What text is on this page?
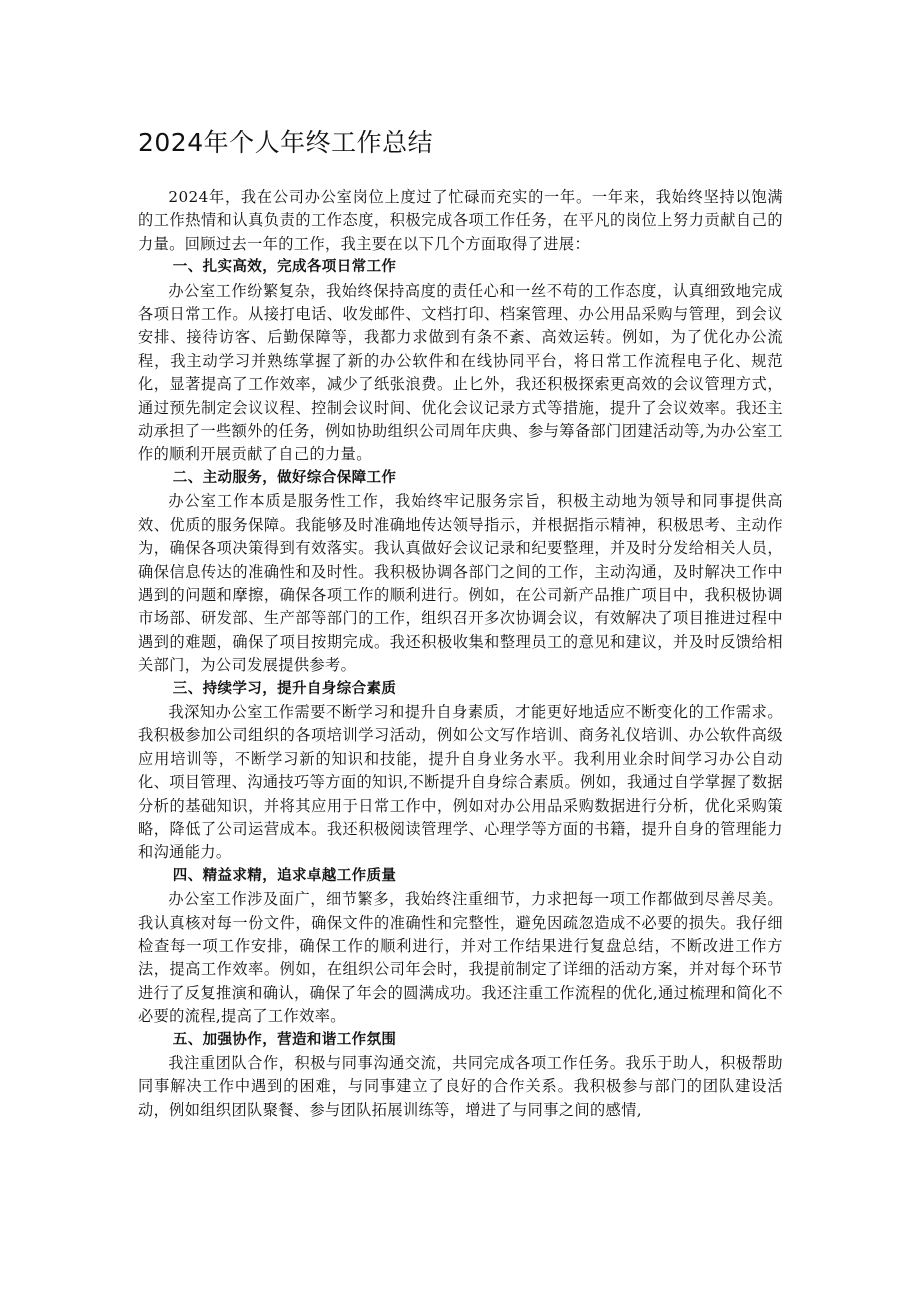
2024年个人年终工作总结

2024年，我在公司办公室岗位上度过了忙碌而充实的一年。一年来，我始终坚持以饱满的工作热情和认真负责的工作态度，积极完成各项工作任务，在平凡的岗位上努力贡献自己的力量。回顾过去一年的工作，我主要在以下几个方面取得了进展：

一、扎实高效，完成各项日常工作

办公室工作纷繁复杂，我始终保持高度的责任心和一丝不苟的工作态度，认真细致地完成各项日常工作。从接打电话、收发邮件、文档打印、档案管理、办公用品采购与管理，到会议安排、接待访客、后勤保障等，我都力求做到有条不紊、高效运转。例如，为了优化办公流程，我主动学习并熟练掌握了新的办公软件和在线协同平台，将日常工作流程电子化、规范化，显著提高了工作效率，减少了纸张浪费。止匕外，我还积极探索更高效的会议管理方式，通过预先制定会议议程、控制会议时间、优化会议记录方式等措施，提升了会议效率。我还主动承担了一些额外的任务，例如协助组织公司周年庆典、参与筹备部门团建活动等,为办公室工作的顺利开展贡献了自己的力量。

二、主动服务，做好综合保障工作

办公室工作本质是服务性工作，我始终牢记服务宗旨，积极主动地为领导和同事提供高效、优质的服务保障。我能够及时准确地传达领导指示，并根据指示精神，积极思考、主动作为，确保各项决策得到有效落实。我认真做好会议记录和纪要整理，并及时分发给相关人员，确保信息传达的准确性和及时性。我积极协调各部门之间的工作，主动沟通，及时解决工作中遇到的问题和摩擦，确保各项工作的顺利进行。例如，在公司新产品推广项目中，我积极协调市场部、研发部、生产部等部门的工作，组织召开多次协调会议，有效解决了项目推进过程中遇到的难题，确保了项目按期完成。我还积极收集和整理员工的意见和建议，并及时反馈给相关部门，为公司发展提供参考。

三、持续学习，提升自身综合素质

我深知办公室工作需要不断学习和提升自身素质，才能更好地适应不断变化的工作需求。我积极参加公司组织的各项培训学习活动，例如公文写作培训、商务礼仪培训、办公软件高级应用培训等，不断学习新的知识和技能，提升自身业务水平。我利用业余时间学习办公自动化、项目管理、沟通技巧等方面的知识,不断提升自身综合素质。例如，我通过自学掌握了数据分析的基础知识，并将其应用于日常工作中，例如对办公用品采购数据进行分析，优化采购策略，降低了公司运营成本。我还积极阅读管理学、心理学等方面的书籍，提升自身的管理能力和沟通能力。

四、精益求精，追求卓越工作质量

办公室工作涉及面广，细节繁多，我始终注重细节，力求把每一项工作都做到尽善尽美。我认真核对每一份文件，确保文件的准确性和完整性，避免因疏忽造成不必要的损失。我仔细检查每一项工作安排，确保工作的顺利进行，并对工作结果进行复盘总结，不断改进工作方法，提高工作效率。例如，在组织公司年会时，我提前制定了详细的活动方案，并对每个环节进行了反复推演和确认，确保了年会的圆满成功。我还注重工作流程的优化,通过梳理和简化不必要的流程,提高了工作效率。

五、加强协作，营造和谐工作氛围

我注重团队合作，积极与同事沟通交流，共同完成各项工作任务。我乐于助人，积极帮助同事解决工作中遇到的困难，与同事建立了良好的合作关系。我积极参与部门的团队建设活动，例如组织团队聚餐、参与团队拓展训练等，增进了与同事之间的感情,
